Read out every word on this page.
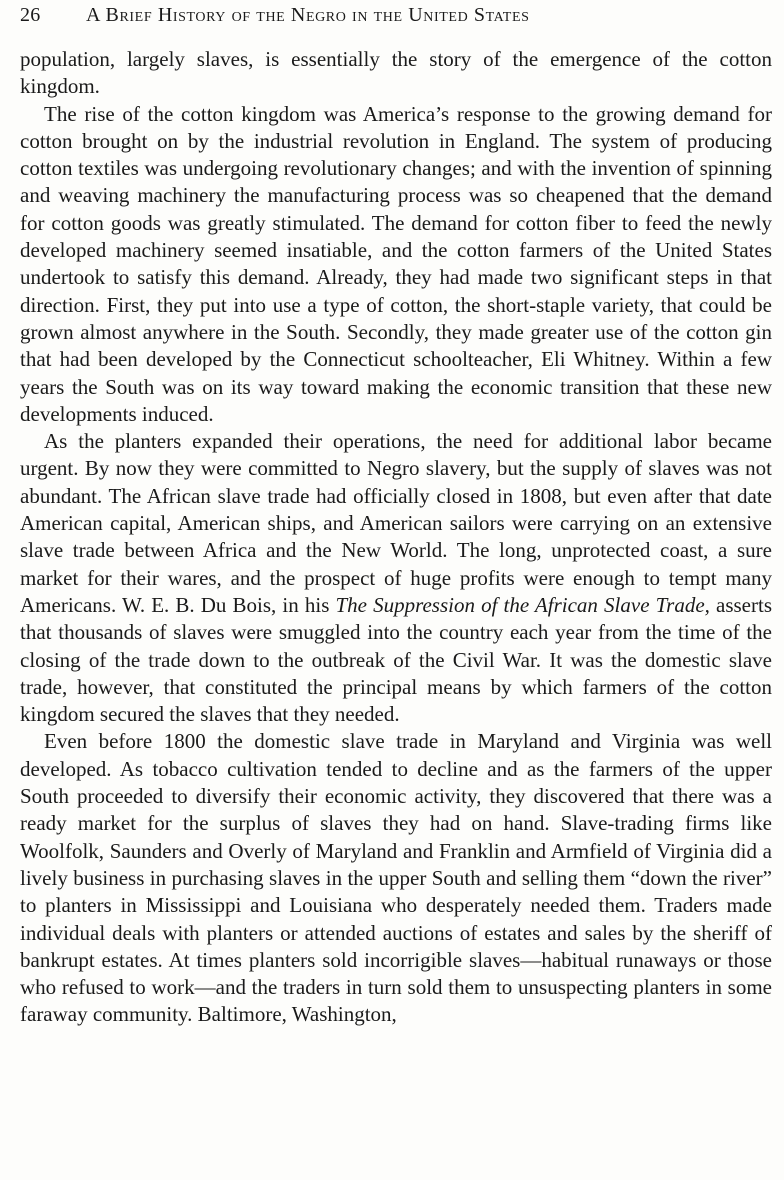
26 A Brief History of the Negro in the United States

population, largely slaves, is essentially the story of the emergence of the cotton kingdom.

The rise of the cotton kingdom was America’s response to the growing demand for cotton brought on by the industrial revolution in England. The system of producing cotton textiles was undergoing revolutionary changes; and with the invention of spinning and weaving machinery the manufacturing process was so cheapened that the demand for cotton goods was greatly stimulated. The demand for cotton fiber to feed the newly developed machinery seemed insatiable, and the cotton farmers of the United States undertook to satisfy this demand. Already, they had made two significant steps in that direction. First, they put into use a type of cotton, the short-staple variety, that could be grown almost anywhere in the South. Secondly, they made greater use of the cotton gin that had been developed by the Connecticut schoolteacher, Eli Whitney. Within a few years the South was on its way toward making the economic transition that these new developments induced.

As the planters expanded their operations, the need for additional labor became urgent. By now they were committed to Negro slavery, but the supply of slaves was not abundant. The African slave trade had officially closed in 1808, but even after that date American capital, American ships, and American sailors were carrying on an extensive slave trade between Africa and the New World. The long, unprotected coast, a sure market for their wares, and the prospect of huge profits were enough to tempt many Americans. W. E. B. Du Bois, in his The Suppression of the African Slave Trade, asserts that thousands of slaves were smuggled into the country each year from the time of the closing of the trade down to the outbreak of the Civil War. It was the domestic slave trade, however, that constituted the principal means by which farmers of the cotton kingdom secured the slaves that they needed.

Even before 1800 the domestic slave trade in Maryland and Virginia was well developed. As tobacco cultivation tended to decline and as the farmers of the upper South proceeded to diversify their economic activity, they discovered that there was a ready market for the surplus of slaves they had on hand. Slave-trading firms like Woolfolk, Saunders and Overly of Maryland and Franklin and Armfield of Virginia did a lively business in purchasing slaves in the upper South and selling them “down the river” to planters in Mississippi and Louisiana who desperately needed them. Traders made individual deals with planters or attended auctions of estates and sales by the sheriff of bankrupt estates. At times planters sold incorrigible slaves—habitual runaways or those who refused to work—and the traders in turn sold them to unsuspecting planters in some faraway community. Baltimore, Washington,
